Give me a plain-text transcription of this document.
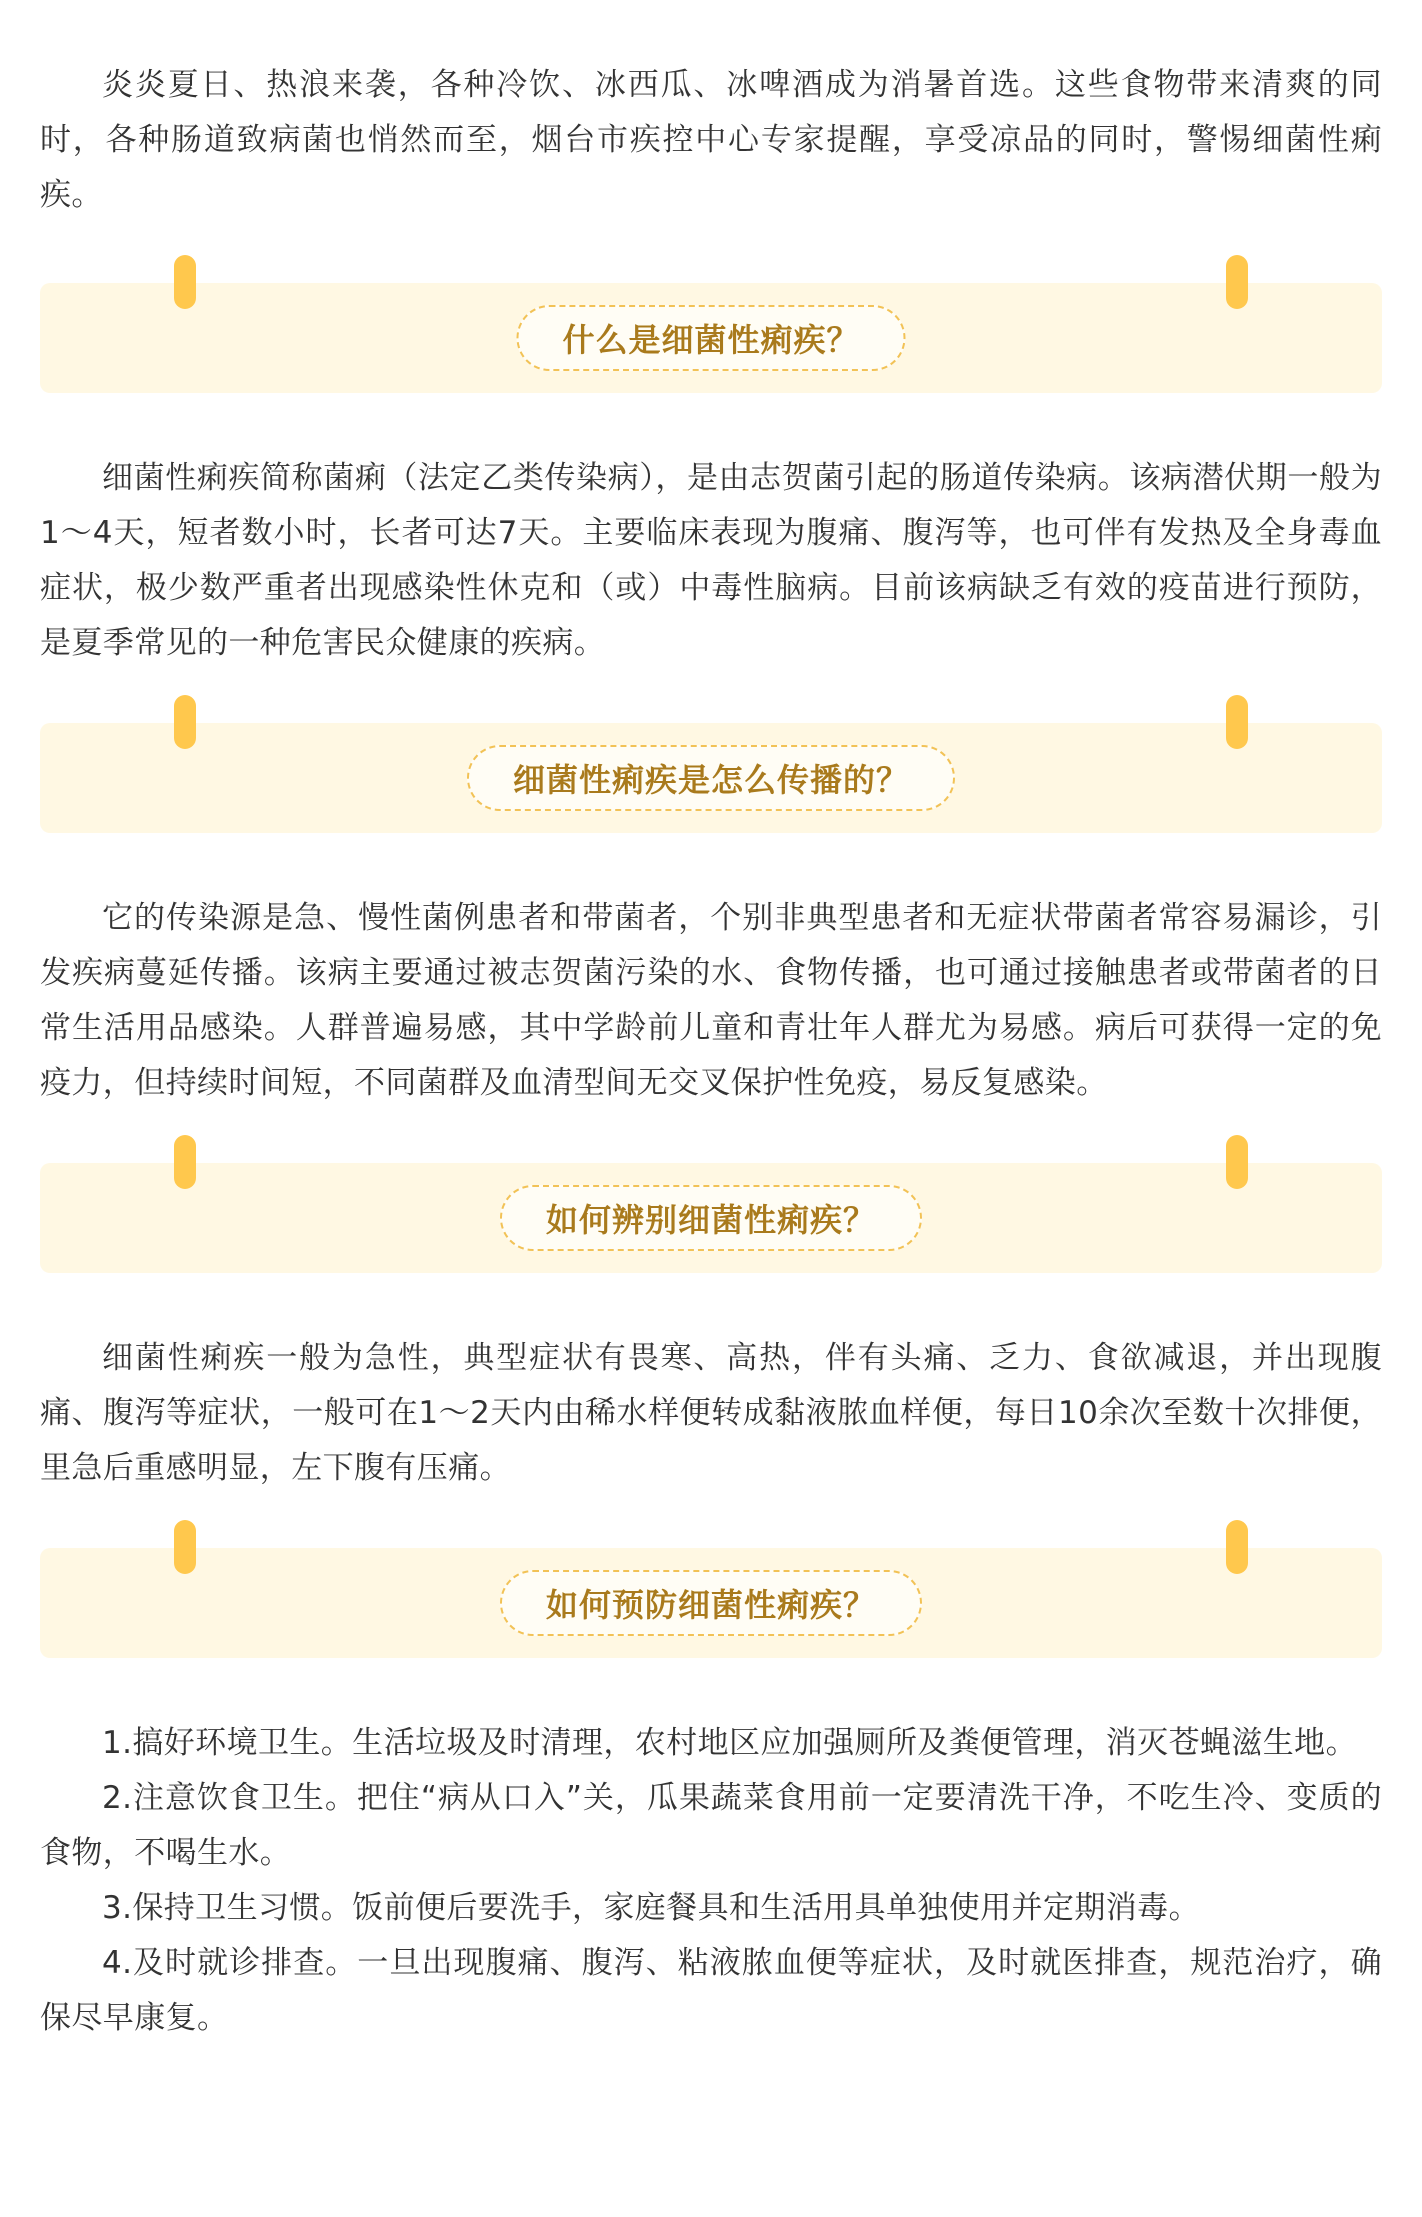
炎炎夏日、热浪来袭，各种冷饮、冰西瓜、冰啤酒成为消暑首选。这些食物带来清爽的同时，各种肠道致病菌也悄然而至，烟台市疾控中心专家提醒，享受凉品的同时，警惕细菌性痢疾。

什么是细菌性痢疾？

细菌性痢疾简称菌痢（法定乙类传染病），是由志贺菌引起的肠道传染病。该病潜伏期一般为1～4天，短者数小时，长者可达7天。主要临床表现为腹痛、腹泻等，也可伴有发热及全身毒血症状，极少数严重者出现感染性休克和（或）中毒性脑病。目前该病缺乏有效的疫苗进行预防，是夏季常见的一种危害民众健康的疾病。

细菌性痢疾是怎么传播的？

它的传染源是急、慢性菌例患者和带菌者，个别非典型患者和无症状带菌者常容易漏诊，引发疾病蔓延传播。该病主要通过被志贺菌污染的水、食物传播，也可通过接触患者或带菌者的日常生活用品感染。人群普遍易感，其中学龄前儿童和青壮年人群尤为易感。病后可获得一定的免疫力，但持续时间短，不同菌群及血清型间无交叉保护性免疫，易反复感染。

如何辨别细菌性痢疾？

细菌性痢疾一般为急性，典型症状有畏寒、高热，伴有头痛、乏力、食欲减退，并出现腹痛、腹泻等症状，一般可在1～2天内由稀水样便转成黏液脓血样便，每日10余次至数十次排便，里急后重感明显，左下腹有压痛。

如何预防细菌性痢疾？

1.搞好环境卫生。生活垃圾及时清理，农村地区应加强厕所及粪便管理，消灭苍蝇滋生地。

2.注意饮食卫生。把住“病从口入”关，瓜果蔬菜食用前一定要清洗干净，不吃生冷、变质的食物，不喝生水。

3.保持卫生习惯。饭前便后要洗手，家庭餐具和生活用具单独使用并定期消毒。

4.及时就诊排查。一旦出现腹痛、腹泻、粘液脓血便等症状，及时就医排查，规范治疗，确保尽早康复。
